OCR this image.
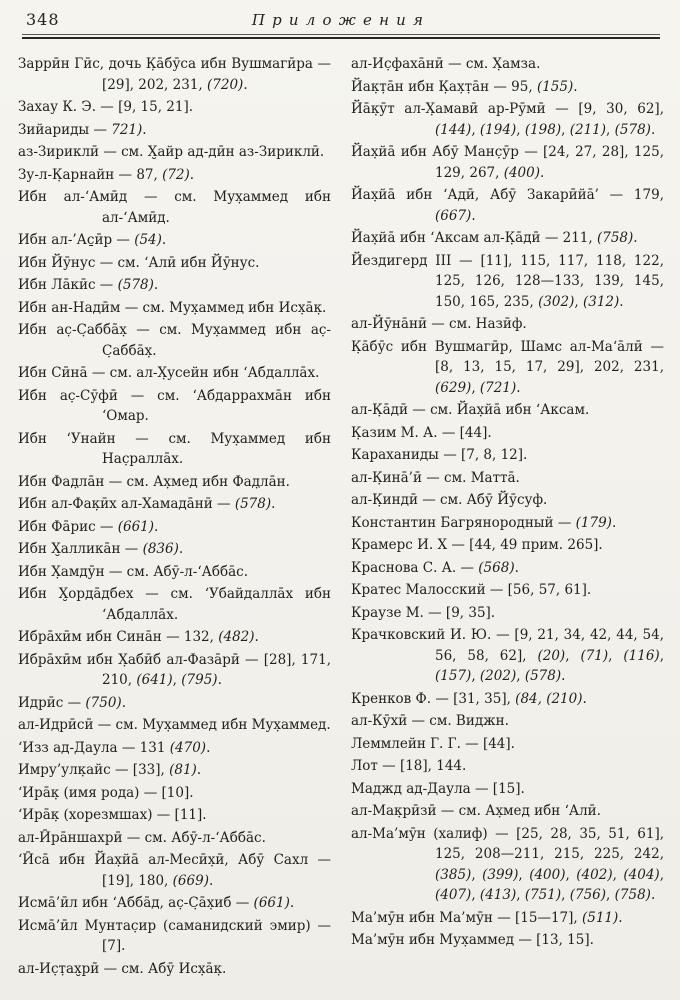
348	Приложения

Заррӣн Гӣс, дочь К̣а̄бӯса ибн Вушмагӣра — [29], 202, 231, (720).

Захау К. Э. — [9, 15, 21].

Зийариды — 721).

аз-Зириклӣ — см. Х̮айр ад-дӣн аз-Зириклӣ.

Зу-л-К̣арнайн — 87, (72).

Ибн ал-‘Амӣд — см. Мух̣аммед ибн ал-‘Амӣд.

Ибн ал-’Ас̱ӣр — (54).

Ибн Йӯнус — см. ‘Алӣ ибн Йӯнус.

Ибн Ла̄кӣс — (578).

Ибн ан-Надӣм — см. Мух̣аммед ибн Исх̣а̄к̣.

Ибн ас̣-С̣абба̄х̣ — см. Мух̣аммед ибн ас̣-С̣абба̄х̣.

Ибн Сӣна̄ — см. ал-Х̣усейн ибн ‘Абдалла̄х.

Ибн ас̣-Сӯфӣ — см. ‘Абдаррахма̄н ибн ‘Омар.

Ибн ‘Унайн — см. Мух̣аммед ибн Нас̣ралла̄х.

Ибн Фад̣ла̄н — см. Ах̣мед ибн Фад̣ла̄н.

Ибн ал-Фак̣ӣх ал-Хамада̄нӣ — (578).

Ибн Фа̄рис — (661).

Ибн Х̮аллика̄н — (836).

Ибн Х̣амдӯн — см. Абӯ-л-‘Абба̄с.

Ибн Х̮орда̄дбех — см. ‘Убайдалла̄х ибн ‘Абдалла̄х.

Ибра̄хӣм ибн Сина̄н — 132, (482).

Ибра̄хӣм ибн Х̣абӣб ал-Фаза̄рӣ — [28], 171, 210, (641), (795).

Идрӣс — (750).

ал-Идрӣсӣ — см. Мух̣аммед ибн Мух̣аммед.

‘Изз ад-Даула — 131 (470).

Имру’улк̣айс — [33], (81).

‘Ира̄к̣ (имя рода) — [10].

‘Ира̄к̣ (хорезмшах) — [11].

ал-Ӣра̄ншахрӣ — см. Абӯ-л-‘Абба̄с.

‘Ӣса̄ ибн Йах̣йа̄ ал-Месӣх̣ӣ, Абӯ Сахл — [19], 180, (669).

Исма̄’ӣл ибн ‘Абба̄д, ас̣-С̣а̄х̣иб — (661).

Исма̄’ӣл Мунтас̣ир (саманидский эмир) — [7].

ал-Ис̣т̣ах̮рӣ — см. Абӯ Исх̣а̄к̣.

ал-Ис̣фаха̄нӣ — см. Х̣амза.

Йак̣т̣а̄н ибн К̣ах̣т̣а̄н — 95, (155).

Йа̄к̣ӯт ал-Х̣амавӣ ар-Рӯмӣ — [9, 30, 62], (144), (194), (198), (211), (578).

Йах̣йа̄ ибн Абӯ Манс̣ӯр — [24, 27, 28], 125, 129, 267, (400).

Йах̣йа̄ ибн ‘Адӣ, Абӯ Закарӣйа̄’ — 179, (667).

Йах̣йа̄ ибн ‘Аксам ал-К̣а̄дӣ — 211, (758).

Йездигерд III — [11], 115, 117, 118, 122, 125, 126, 128—133, 139, 145, 150, 165, 235, (302), (312).

ал-Йӯна̄нӣ — см. Назӣф.

К̣а̄бӯс ибн Вушмагӣр, Шамс ал-Ма‘а̄лӣ — [8, 13, 15, 17, 29], 202, 231, (629), (721).

ал-К̣а̄дӣ — см. Йах̣йа̄ ибн ‘Аксам.

К̣азим М. А. — [44].

Караханиды — [7, 8, 12].

ал-К̣ина̄’ӣ — см. Матта̄.

ал-К̣индӣ — см. Абӯ Йӯсуф.

Константин Багрянородный — (179).

Крамерс И. Х — [44, 49 прим. 265].

Краснова С. А. — (568).

Кратес Малосский — [56, 57, 61].

Краузе М. — [9, 35].

Крачковский И. Ю. — [9, 21, 34, 42, 44, 54, 56, 58, 62], (20), (71), (116), (157), (202), (578).

Кренков Ф. — [31, 35], (84, (210).

ал-Кӯхӣ — см. Виджн.

Леммлейн Г. Г. — [44].

Лот — [18], 144.

Маджд ад-Даула — [15].

ал-Мак̣рӣзӣ — см. Ах̣мед ибн ‘Алӣ.

ал-Ма’мӯн (халиф) — [25, 28, 35, 51, 61], 125, 208—211, 215, 225, 242, (385), (399), (400), (402), (404), (407), (413), (751), (756), (758).

Ма’мӯн ибн Ма’мӯн — [15—17], (511).

Ма’мӯн ибн Мух̣аммед — [13, 15].
